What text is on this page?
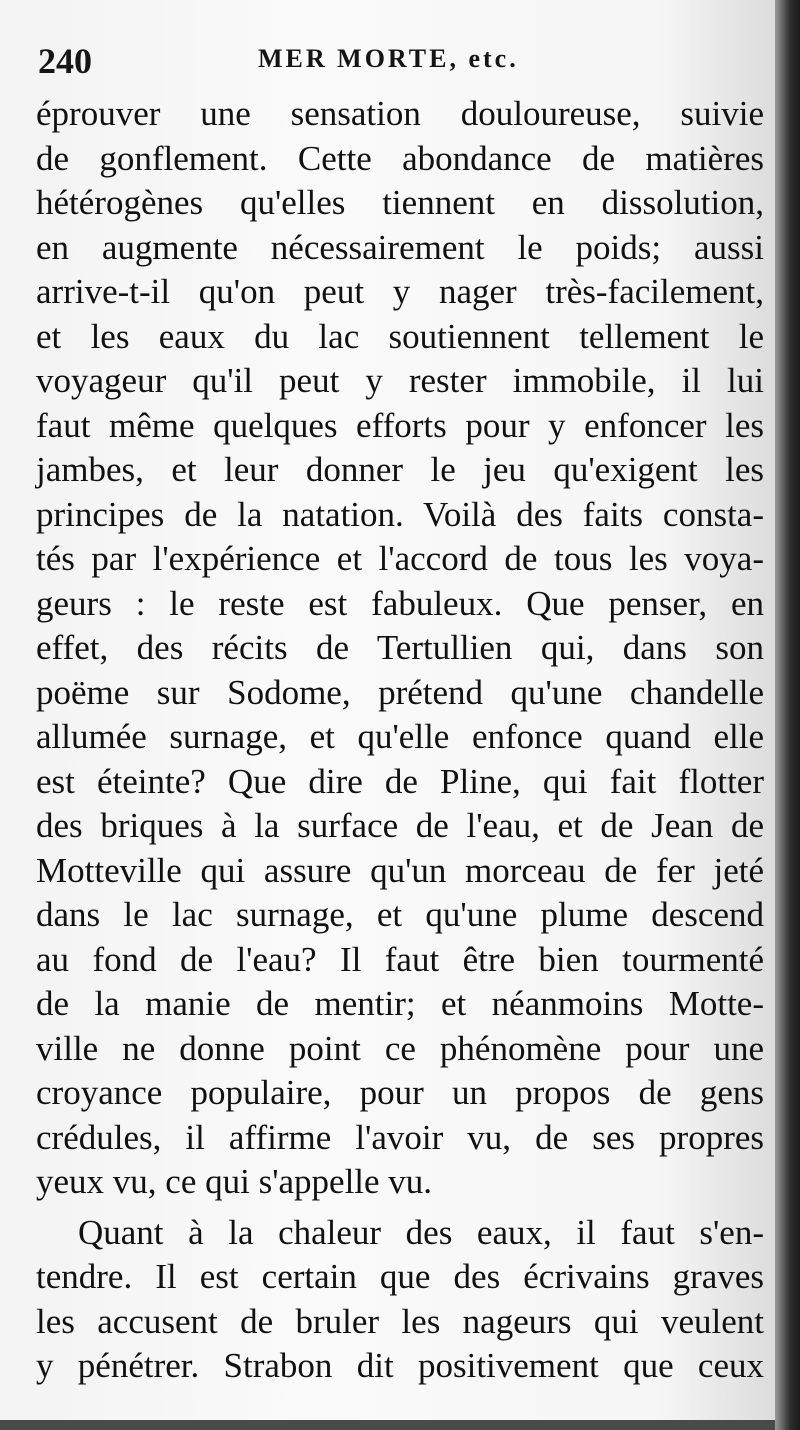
240	MER MORTE, etc.
éprouver une sensation douloureuse, suivie
de gonflement. Cette abondance de matières
hétérogènes qu'elles tiennent en dissolution,
en augmente nécessairement le poids; aussi
arrive-t-il qu'on peut y nager très-facilement,
et les eaux du lac soutiennent tellement le
voyageur qu'il peut y rester immobile, il lui
faut même quelques efforts pour y enfoncer les
jambes, et leur donner le jeu qu'exigent les
principes de la natation. Voilà des faits consta-
tés par l'expérience et l'accord de tous les voya-
geurs : le reste est fabuleux. Que penser, en
effet, des récits de Tertullien qui, dans son
poëme sur Sodome, prétend qu'une chandelle
allumée surnage, et qu'elle enfonce quand elle
est éteinte? Que dire de Pline, qui fait flotter
des briques à la surface de l'eau, et de Jean de
Motteville qui assure qu'un morceau de fer jeté
dans le lac surnage, et qu'une plume descend
au fond de l'eau? Il faut être bien tourmenté
de la manie de mentir; et néanmoins Motte-
ville ne donne point ce phénomène pour une
croyance populaire, pour un propos de gens
crédules, il affirme l'avoir vu, de ses propres
yeux vu, ce qui s'appelle vu.
Quant à la chaleur des eaux, il faut s'en-
tendre. Il est certain que des écrivains graves
les accusent de bruler les nageurs qui veulent
y pénétrer. Strabon dit positivement que ceux
